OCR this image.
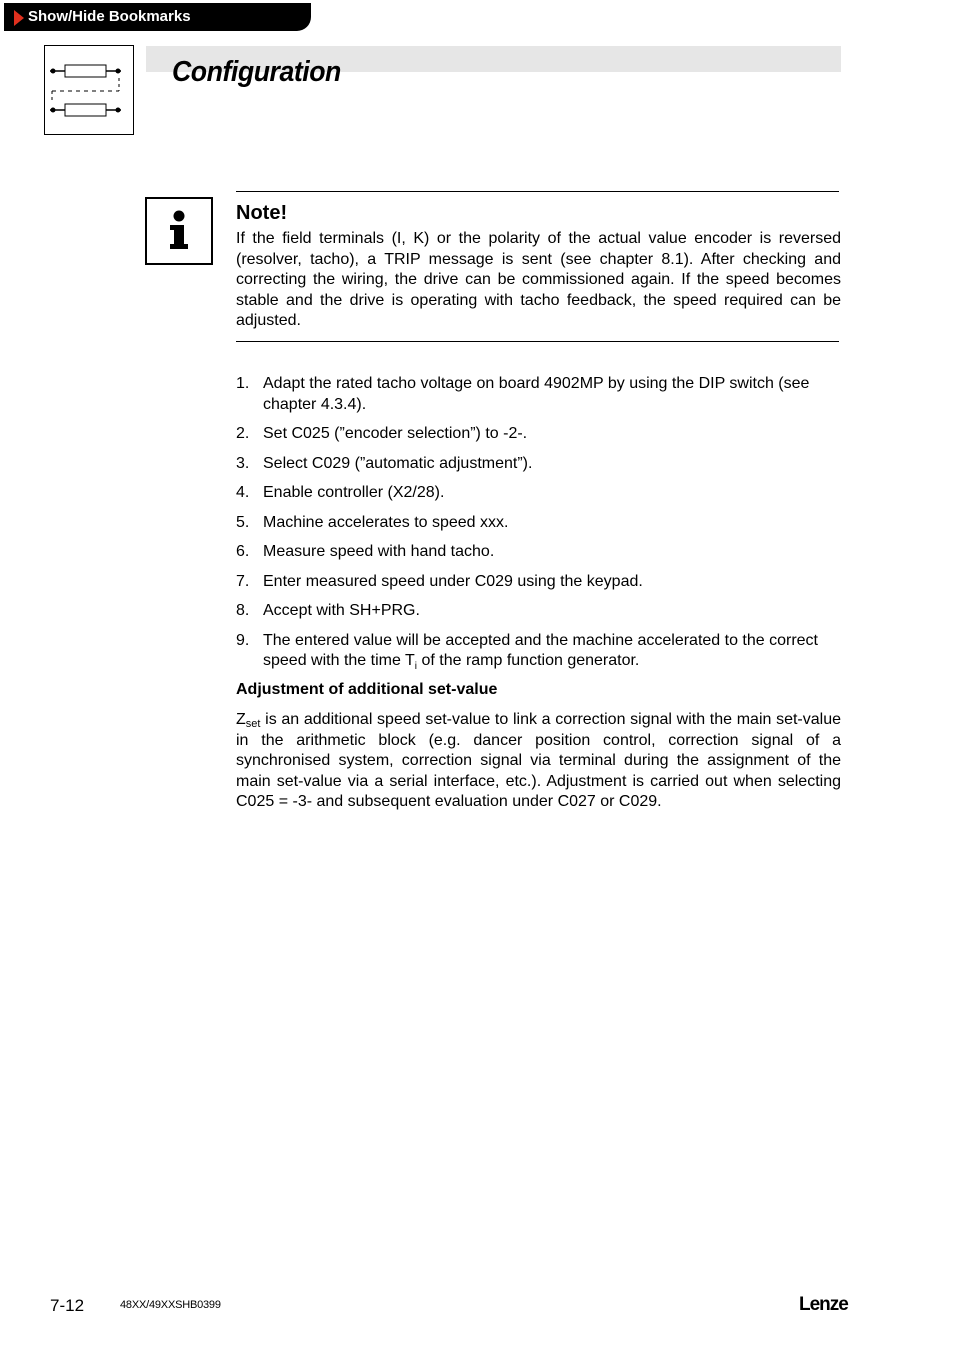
Show/Hide Bookmarks
Configuration
Note!

If the field terminals (I, K) or the polarity of the actual value encoder is reversed (resolver, tacho), a TRIP message is sent (see chapter 8.1). After checking and correcting the wiring, the drive can be commissioned again. If the speed becomes stable and the drive is operating with tacho feedback, the speed required can be adjusted.

1. Adapt the rated tacho voltage on board 4902MP by using the DIP switch (see chapter 4.3.4).
2. Set C025 (”encoder selection”) to -2-.
3. Select C029 (”automatic adjustment”).
4. Enable controller (X2/28).
5. Machine accelerates to speed xxx.
6. Measure speed with hand tacho.
7. Enter measured speed under C029 using the keypad.
8. Accept with SH+PRG.
9. The entered value will be accepted and the machine accelerated to the correct speed with the time $T_i$ of the ramp function generator.
Adjustment of additional set-value

$Z_{set}$ is an additional speed set-value to link a correction signal with the main set-value in the arithmetic block (e.g. dancer position control, correction signal of a synchronised system, correction signal via terminal during the assignment of the main set-value via a serial interface, etc.). Adjustment is carried out when selecting C025 = -3- and subsequent evaluation under C027 or C029.

7-12	48XX/49XXSHB0399	Lenze
